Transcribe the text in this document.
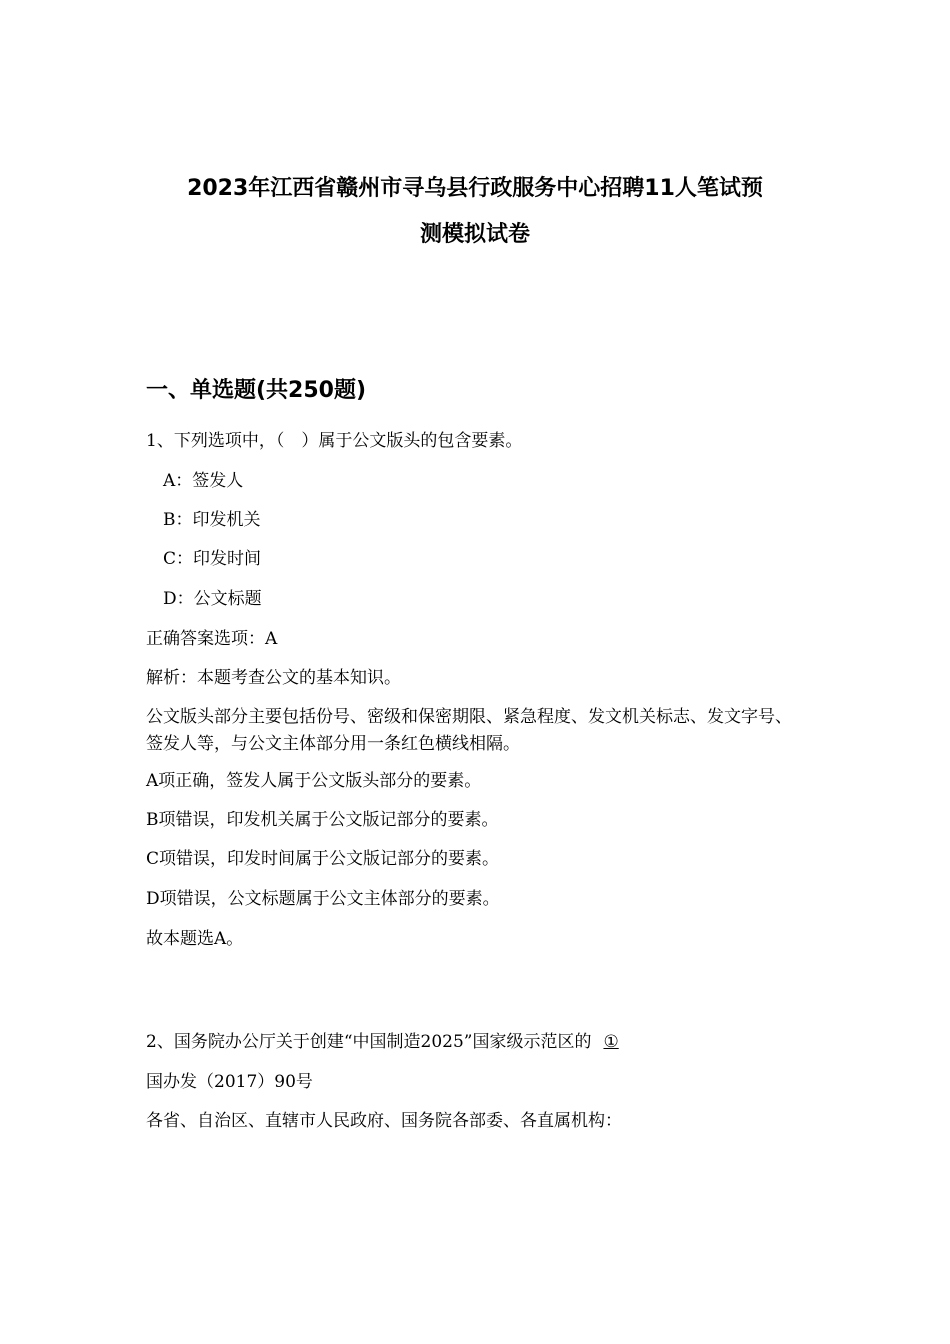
2023年江西省赣州市寻乌县行政服务中心招聘11人笔试预
测模拟试卷
一、单选题(共250题)
1、下列选项中，（　）属于公文版头的包含要素。
A：签发人
B：印发机关
C：印发时间
D：公文标题
正确答案选项：A
解析：本题考查公文的基本知识。
公文版头部分主要包括份号、密级和保密期限、紧急程度、发文机关标志、发文字号、签发人等，与公文主体部分用一条红色横线相隔。
A项正确，签发人属于公文版头部分的要素。
B项错误，印发机关属于公文版记部分的要素。
C项错误，印发时间属于公文版记部分的要素。
D项错误，公文标题属于公文主体部分的要素。
故本题选A。
2、国务院办公厅关于创建“中国制造2025”国家级示范区的 ①
国办发（2017）90号
各省、自治区、直辖市人民政府、国务院各部委、各直属机构：
